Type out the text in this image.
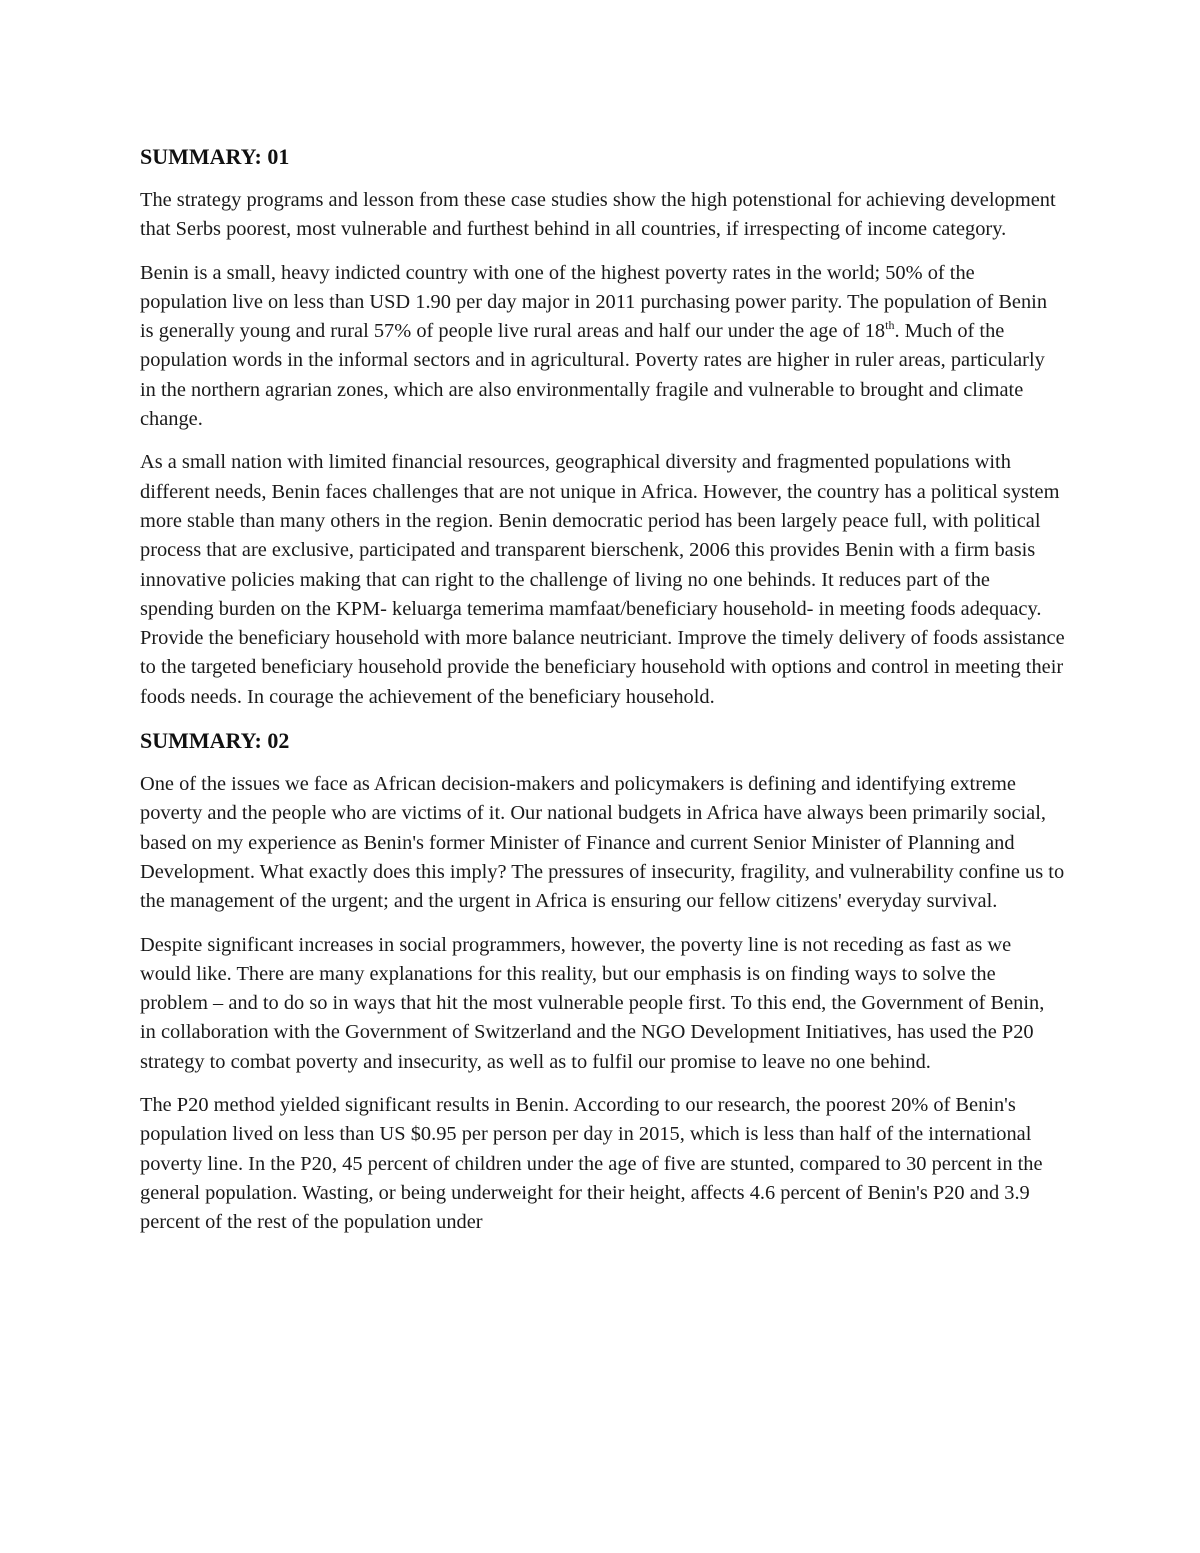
SUMMARY: 01

The strategy programs and lesson from these case studies show the high potenstional for achieving development that Serbs poorest, most vulnerable and furthest behind in all countries, if irrespecting of income category.

Benin is a small, heavy indicted country with one of the highest poverty rates in the world; 50% of the population live on less than USD 1.90 per day major in 2011 purchasing power parity. The population of Benin is generally young and rural 57% of people live rural areas and half our under the age of 18th. Much of the population words in the informal sectors and in agricultural. Poverty rates are higher in ruler areas, particularly in the northern agrarian zones, which are also environmentally fragile and vulnerable to brought and climate change.

As a small nation with limited financial resources, geographical diversity and fragmented populations with different needs, Benin faces challenges that are not unique in Africa. However, the country has a political system more stable than many others in the region. Benin democratic period has been largely peace full, with political process that are exclusive, participated and transparent bierschenk, 2006 this provides Benin with a firm basis innovative policies making that can right to the challenge of living no one behinds. It reduces part of the spending burden on the KPM- keluarga temerima mamfaat/beneficiary household- in meeting foods adequacy. Provide the beneficiary household with more balance neutriciant. Improve the timely delivery of foods assistance to the targeted beneficiary household provide the beneficiary household with options and control in meeting their foods needs. In courage the achievement of the beneficiary household.

SUMMARY: 02

One of the issues we face as African decision-makers and policymakers is defining and identifying extreme poverty and the people who are victims of it. Our national budgets in Africa have always been primarily social, based on my experience as Benin's former Minister of Finance and current Senior Minister of Planning and Development. What exactly does this imply? The pressures of insecurity, fragility, and vulnerability confine us to the management of the urgent; and the urgent in Africa is ensuring our fellow citizens' everyday survival.

Despite significant increases in social programmers, however, the poverty line is not receding as fast as we would like. There are many explanations for this reality, but our emphasis is on finding ways to solve the problem – and to do so in ways that hit the most vulnerable people first. To this end, the Government of Benin, in collaboration with the Government of Switzerland and the NGO Development Initiatives, has used the P20 strategy to combat poverty and insecurity, as well as to fulfil our promise to leave no one behind.

The P20 method yielded significant results in Benin. According to our research, the poorest 20% of Benin's population lived on less than US $0.95 per person per day in 2015, which is less than half of the international poverty line. In the P20, 45 percent of children under the age of five are stunted, compared to 30 percent in the general population. Wasting, or being underweight for their height, affects 4.6 percent of Benin's P20 and 3.9 percent of the rest of the population under
